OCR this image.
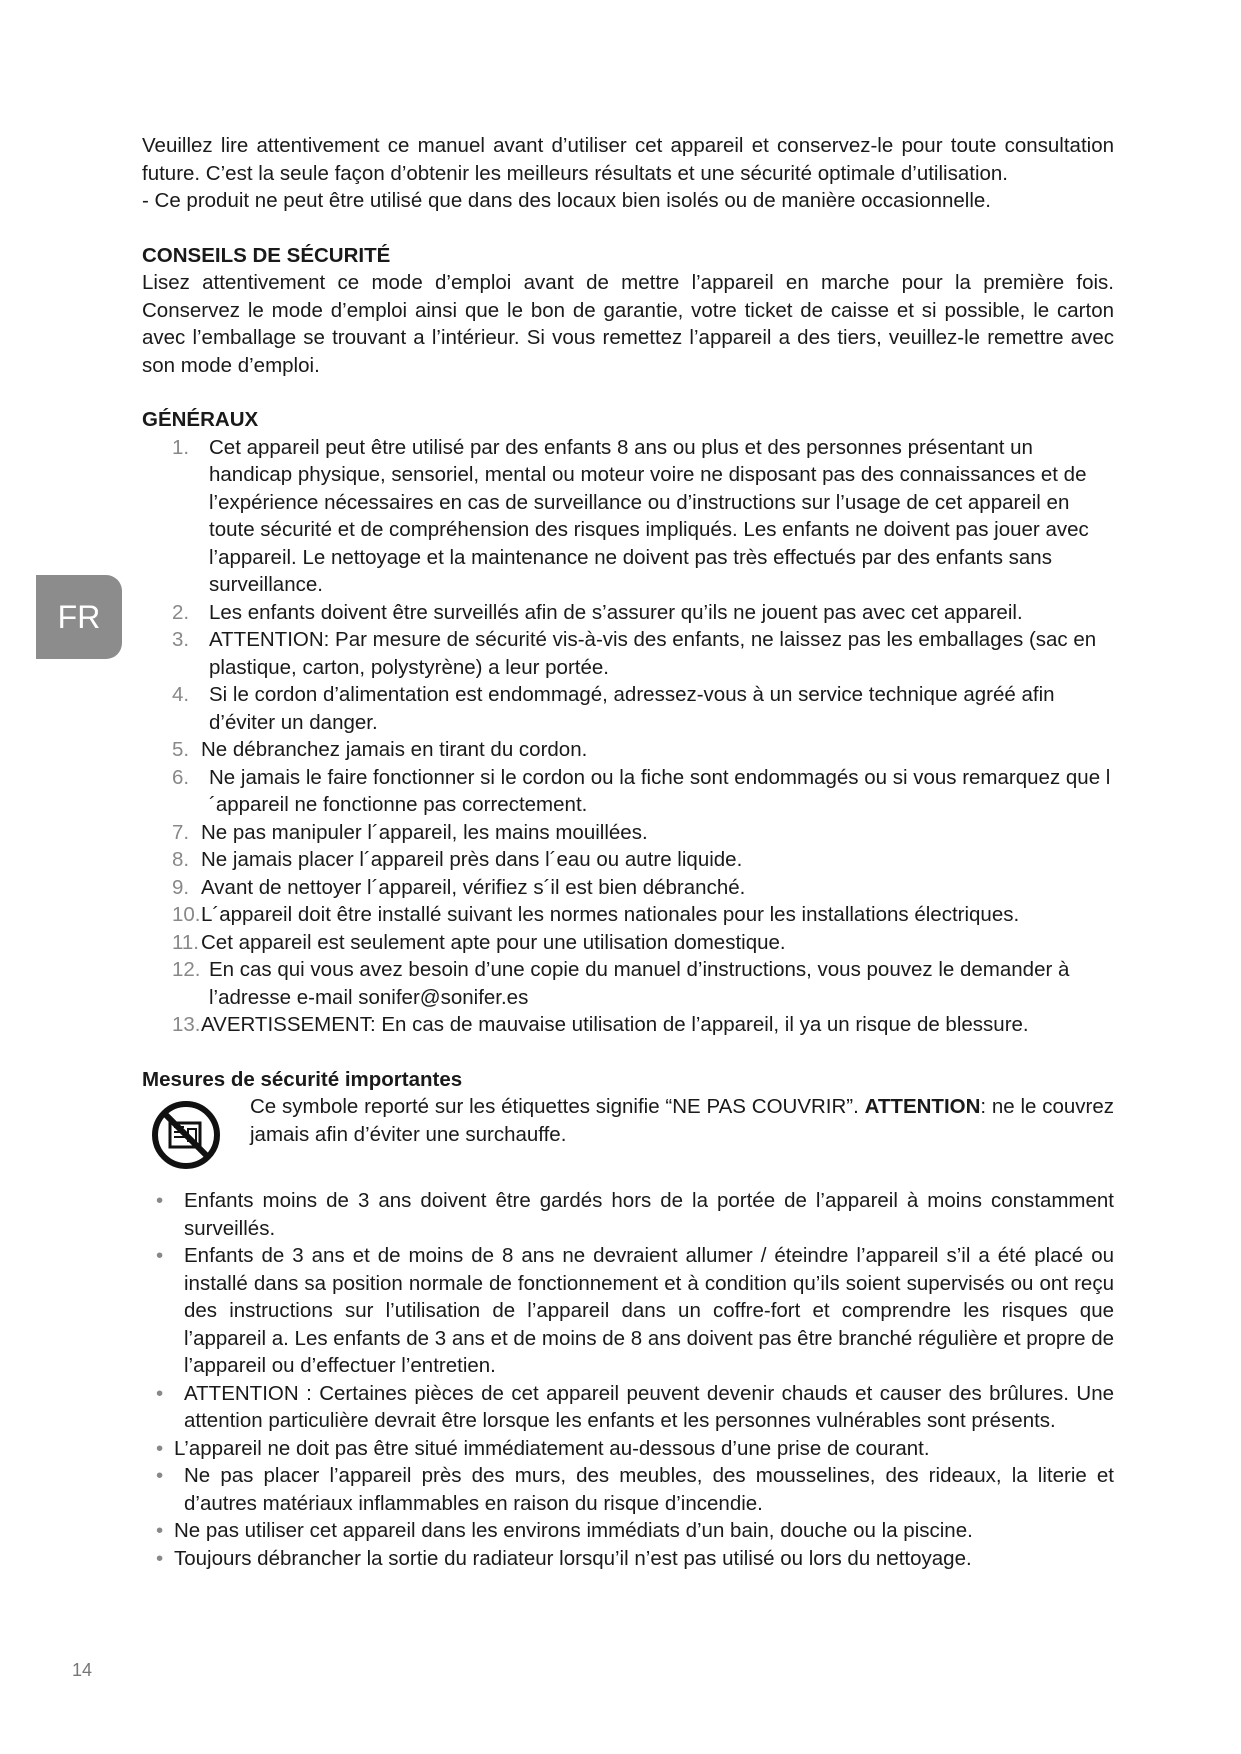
FR

Veuillez lire attentivement ce manuel avant d’utiliser cet appareil et conservez-le pour toute consultation future. C’est la seule façon d’obtenir les meilleurs résultats et une sécurité optimale d’utilisation.

- Ce produit ne peut être utilisé que dans des locaux bien isolés ou de manière occasionnelle.

CONSEILS DE SÉCURITÉ

Lisez attentivement ce mode d’emploi avant de mettre l’appareil en marche pour la première fois. Conservez le mode d’emploi ainsi que le bon de garantie, votre ticket de caisse et si possible, le carton avec l’emballage se trouvant a l’intérieur. Si vous remettez l’appareil a des tiers, veuillez-le remettre avec son mode d’emploi.

GÉNÉRAUX

1. Cet appareil peut être utilisé par des enfants 8 ans ou plus et des personnes présentant un handicap physique, sensoriel, mental ou moteur voire ne disposant pas des connaissances et de l’expérience nécessaires en cas de surveillance ou d’instructions sur l’usage de cet appareil en toute sécurité et de compréhension des risques impliqués. Les enfants ne doivent pas jouer avec l’appareil. Le nettoyage et la maintenance ne doivent pas très effectués par des enfants sans surveillance.
2. Les enfants doivent être surveillés afin de s’assurer qu’ils ne jouent pas avec cet appareil.
3. ATTENTION: Par mesure de sécurité vis-à-vis des enfants, ne laissez pas les emballages (sac en plastique, carton, polystyrène) a leur portée.
4. Si le cordon d’alimentation est endommagé, adressez-vous à un service technique agréé afin d’éviter un danger.
5. Ne débranchez jamais en tirant du cordon.
6. Ne jamais le faire fonctionner si le cordon ou la fiche sont endommagés ou si vous remarquez que l´appareil ne fonctionne pas correctement.
7. Ne pas manipuler l´appareil, les mains mouillées.
8. Ne jamais placer l´appareil près dans l´eau ou autre liquide.
9. Avant de nettoyer l´appareil, vérifiez s´il est bien débranché.
10. L´appareil doit être installé suivant les normes nationales pour les installations électriques.
11. Cet appareil est seulement apte pour une utilisation domestique.
12. En cas qui vous avez besoin d’une copie du manuel d’instructions, vous pouvez le demander à l’adresse e-mail sonifer@sonifer.es
13. AVERTISSEMENT: En cas de mauvaise utilisation de l’appareil, il ya un risque de blessure.

Mesures de sécurité importantes

Ce symbole reporté sur les étiquettes signifie “NE PAS COUVRIR”. ATTENTION: ne le couvrez jamais afin d’éviter une surchauffe.

• Enfants moins de 3 ans doivent être gardés hors de la portée de l’appareil à moins constamment surveillés.
• Enfants de 3 ans et de moins de 8 ans ne devraient allumer / éteindre l’appareil s’il a été placé ou installé dans sa position normale de fonctionnement et à condition qu’ils soient supervisés ou ont reçu des instructions sur l’utilisation de l’appareil dans un coffre-fort et comprendre les risques que l’appareil a. Les enfants de 3 ans et de moins de 8 ans doivent pas être branché régulière et propre de l’appareil ou d’effectuer l’entretien.
• ATTENTION : Certaines pièces de cet appareil peuvent devenir chauds et causer des brûlures. Une attention particulière devrait être lorsque les enfants et les personnes vulnérables sont présents.
• L’appareil ne doit pas être situé immédiatement au-dessous d’une prise de courant.
• Ne pas placer l’appareil près des murs, des meubles, des mousselines, des rideaux, la literie et d’autres matériaux inflammables en raison du risque d’incendie.
• Ne pas utiliser cet appareil dans les environs immédiats d’un bain, douche ou la piscine.
• Toujours débrancher la sortie du radiateur lorsqu’il n’est pas utilisé ou lors du nettoyage.
14
